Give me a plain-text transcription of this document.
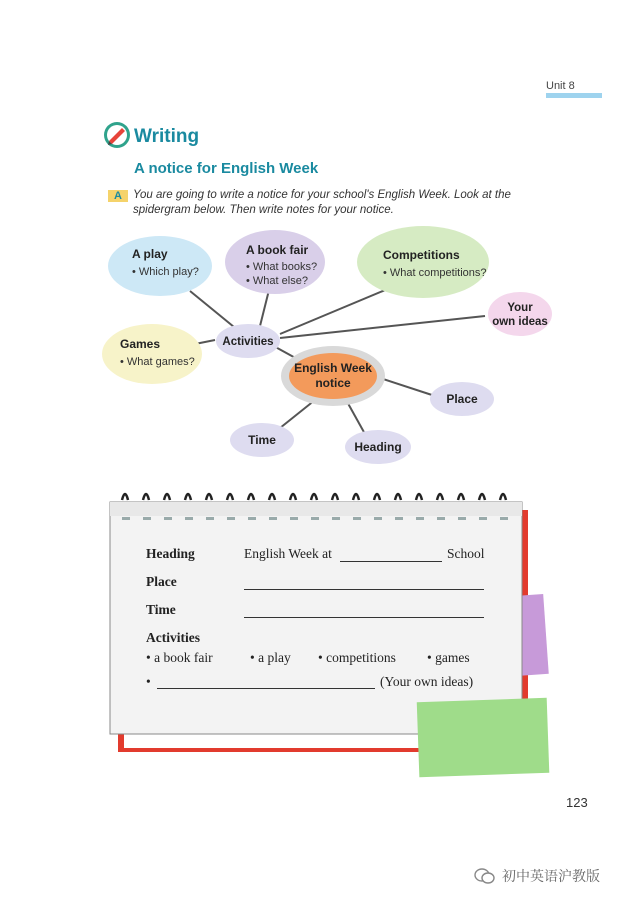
Unit 8
Writing
A notice for English Week
A You are going to write a notice for your school's English Week. Look at the spidergram below. Then write notes for your notice.
A play
• Which play?
A book fair
• What books?
• What else?
Competitions
• What competitions?
Your
own ideas
Activities
Games
• What games?	English Week
notice
Place
Time	Heading
Heading	English Week at	School
Place
Time
Activities
• a book fair	• a play • competitions • games
•	(Your own ideas)
123
初中英语沪教版
